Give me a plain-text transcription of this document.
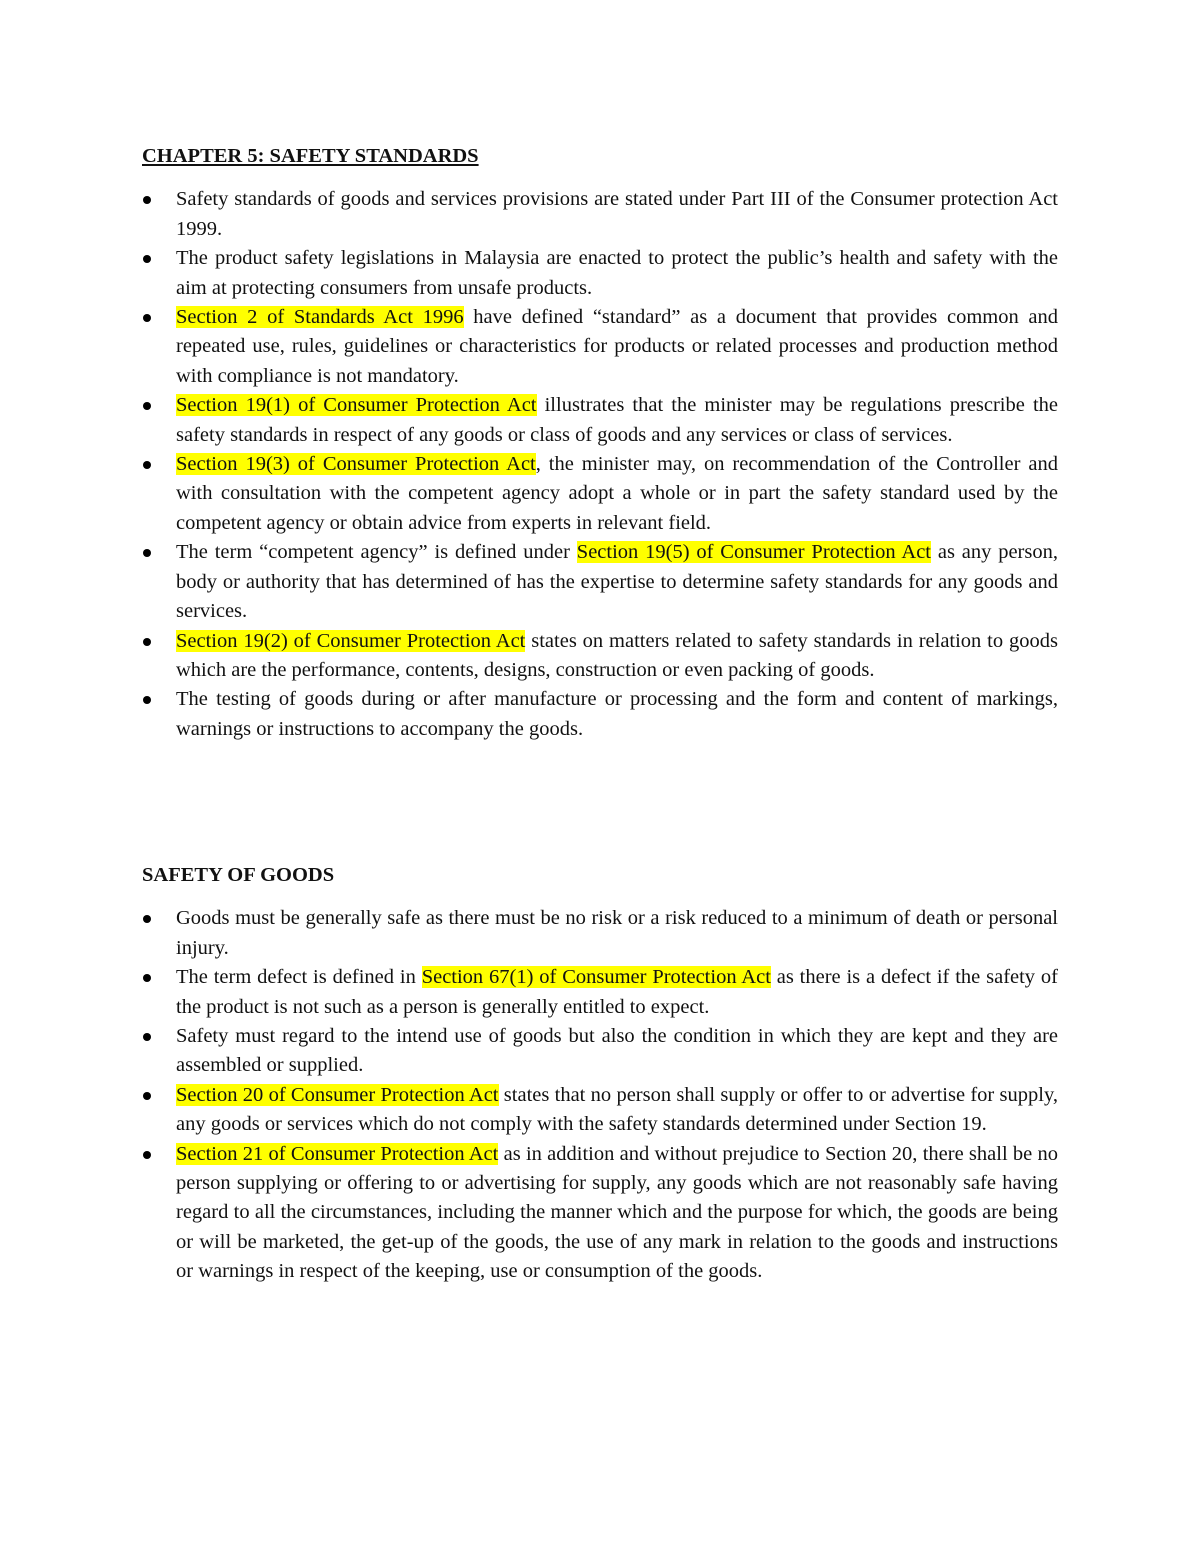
CHAPTER 5: SAFETY STANDARDS
Safety standards of goods and services provisions are stated under Part III of the Consumer protection Act 1999.
The product safety legislations in Malaysia are enacted to protect the public’s health and safety with the aim at protecting consumers from unsafe products.
Section 2 of Standards Act 1996 have defined “standard” as a document that provides common and repeated use, rules, guidelines or characteristics for products or related processes and production method with compliance is not mandatory.
Section 19(1) of Consumer Protection Act illustrates that the minister may be regulations prescribe the safety standards in respect of any goods or class of goods and any services or class of services.
Section 19(3) of Consumer Protection Act, the minister may, on recommendation of the Controller and with consultation with the competent agency adopt a whole or in part the safety standard used by the competent agency or obtain advice from experts in relevant field.
The term “competent agency” is defined under Section 19(5) of Consumer Protection Act as any person, body or authority that has determined of has the expertise to determine safety standards for any goods and services.
Section 19(2) of Consumer Protection Act states on matters related to safety standards in relation to goods which are the performance, contents, designs, construction or even packing of goods.
The testing of goods during or after manufacture or processing and the form and content of markings, warnings or instructions to accompany the goods.
SAFETY OF GOODS
Goods must be generally safe as there must be no risk or a risk reduced to a minimum of death or personal injury.
The term defect is defined in Section 67(1) of Consumer Protection Act as there is a defect if the safety of the product is not such as a person is generally entitled to expect.
Safety must regard to the intend use of goods but also the condition in which they are kept and they are assembled or supplied.
Section 20 of Consumer Protection Act states that no person shall supply or offer to or advertise for supply, any goods or services which do not comply with the safety standards determined under Section 19.
Section 21 of Consumer Protection Act as in addition and without prejudice to Section 20, there shall be no person supplying or offering to or advertising for supply, any goods which are not reasonably safe having regard to all the circumstances, including the manner which and the purpose for which, the goods are being or will be marketed, the get-up of the goods, the use of any mark in relation to the goods and instructions or warnings in respect of the keeping, use or consumption of the goods.
